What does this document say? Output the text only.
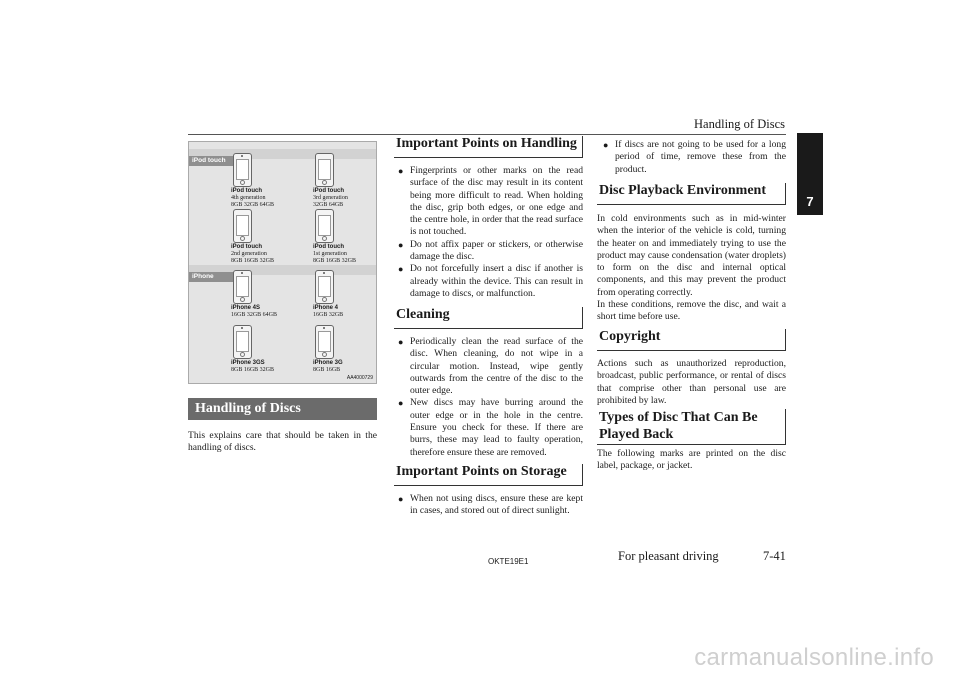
Handling of Discs
7
iPod touch
iPod touch
4th generation
8GB 32GB 64GB
iPod touch
3rd generation
32GB 64GB
iPod touch
2nd generation
8GB 16GB 32GB
iPod touch
1st generation
8GB 16GB 32GB
iPhone
iPhone 4S
16GB 32GB 64GB
iPhone 4
16GB 32GB
iPhone 3GS
8GB 16GB 32GB
iPhone 3G
8GB 16GB
AA4000729
Handling of Discs
This explains care that should be taken in the handling of discs.
Important Points on Handling
● Fingerprints or other marks on the read surface of the disc may result in its content being more difficult to read. When holding the disc, grip both edges, or one edge and the centre hole, in order that the read surface is not touched.
● Do not affix paper or stickers, or otherwise damage the disc.
● Do not forcefully insert a disc if another is already within the device. This can result in damage to discs, or malfunction.
Cleaning
● Periodically clean the read surface of the disc. When cleaning, do not wipe in a circular motion. Instead, wipe gently outwards from the centre of the disc to the outer edge.
● New discs may have burring around the outer edge or in the hole in the centre. Ensure you check for these. If there are burrs, these may lead to faulty operation, therefore ensure these are removed.
Important Points on Storage
● When not using discs, ensure these are kept in cases, and stored out of direct sunlight.
● If discs are not going to be used for a long period of time, remove these from the product.
Disc Playback Environment
In cold environments such as in mid-winter when the interior of the vehicle is cold, turning the heater on and immediately trying to use the product may cause condensation (water droplets) to form on the disc and internal optical components, and this may prevent the product from operating correctly.
In these conditions, remove the disc, and wait a short time before use.
Copyright
Actions such as unauthorized reproduction, broadcast, public performance, or rental of discs that comprise other than personal use are prohibited by law.
Types of Disc That Can Be
Played Back
The following marks are printed on the disc label, package, or jacket.
OKTE19E1	For pleasant driving	7-41
carmanualsonline.info
